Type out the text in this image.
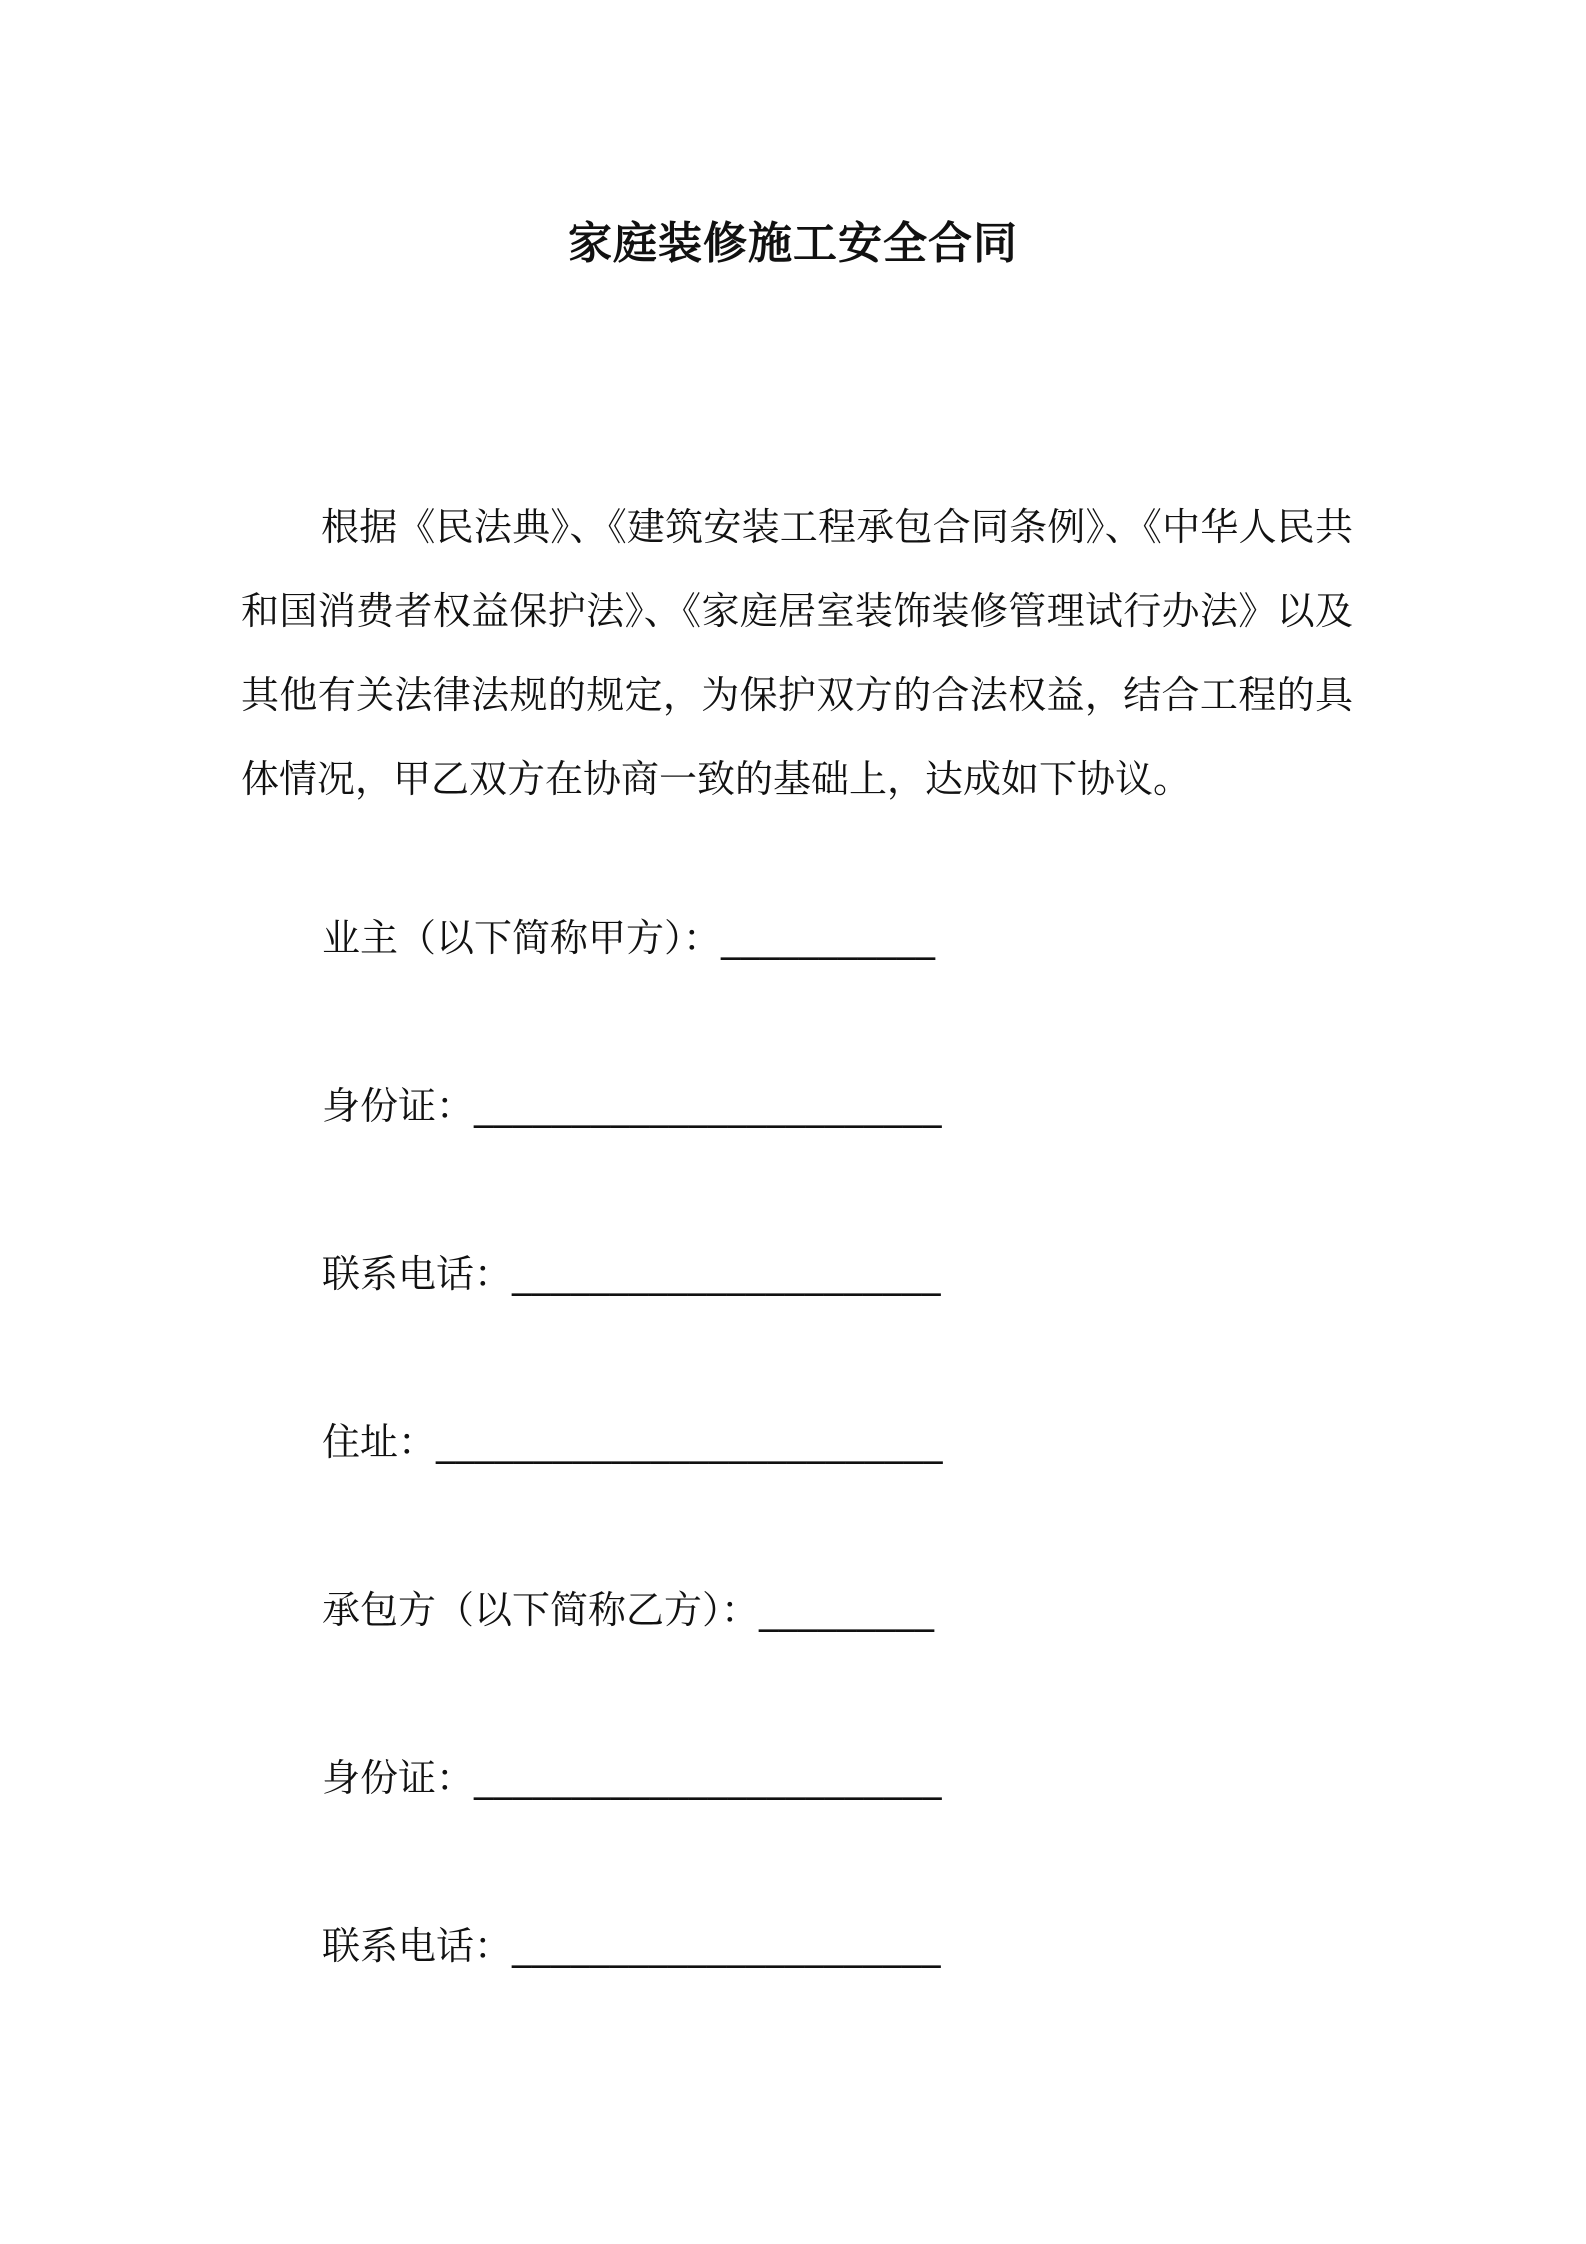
家庭装修施工安全合同
根据《民法典》、《建筑安装工程承包合同条例》、《中华人民共和国消费者权益保护法》、《家庭居室装饰装修管理试行办法》以及其他有关法律法规的规定，为保护双方的合法权益，结合工程的具体情况，甲乙双方在协商一致的基础上，达成如下协议。
业主（以下简称甲方）：___________
身份证：________________________
联系电话：______________________
住址：__________________________
承包方（以下简称乙方）：_________
身份证：________________________
联系电话：______________________
